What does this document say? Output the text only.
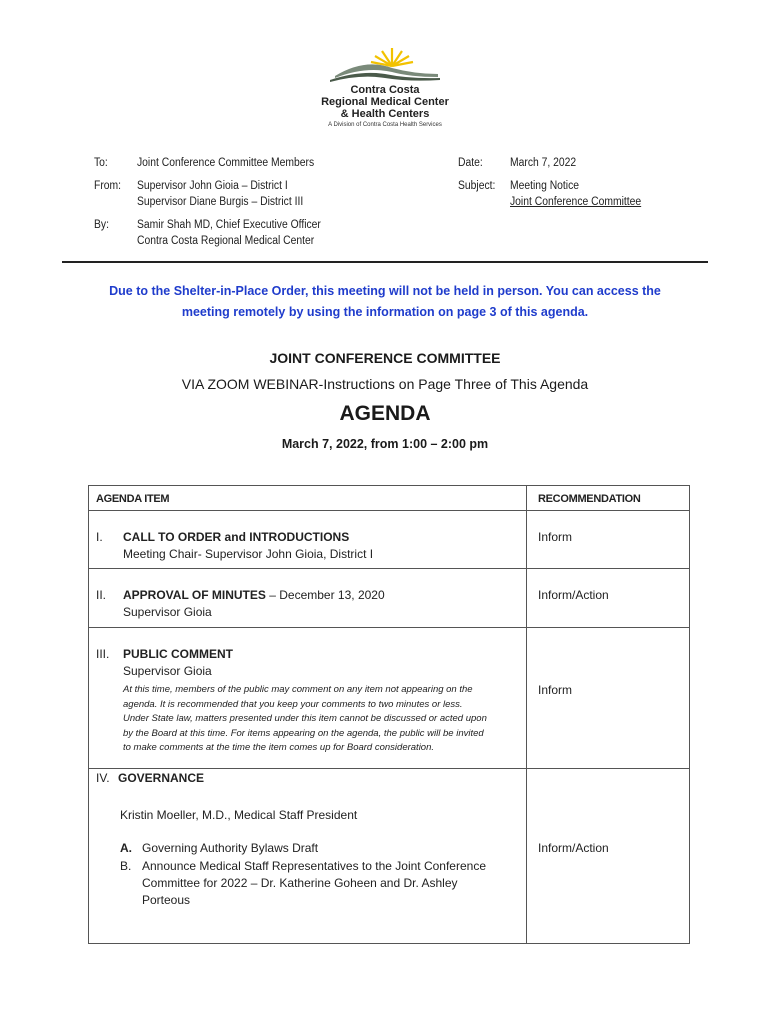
Contra Costa
Regional Medical Center
& Health Centers
A Division of Contra Costa Health Services
To:	Joint Conference Committee Members
From: Supervisor John Gioia – District I
Supervisor Diane Burgis – District III
By: Samir Shah MD, Chief Executive Officer
Contra Costa Regional Medical Center
Date: March 7, 2022
Subject: Meeting Notice
Joint Conference Committee
Due to the Shelter-in-Place Order, this meeting will not be held in person. You can access the
meeting remotely by using the information on page 3 of this agenda.
JOINT CONFERENCE COMMITTEE
VIA ZOOM WEBINAR-Instructions on Page Three of This Agenda
AGENDA
March 7, 2022, from 1:00 – 2:00 pm
AGENDA ITEM	RECOMMENDATION
I. CALL TO ORDER and INTRODUCTIONS
Meeting Chair- Supervisor John Gioia, District I
Inform
II. APPROVAL OF MINUTES – December 13, 2020
Supervisor Gioia
Inform/Action
III. PUBLIC COMMENT
Supervisor Gioia
At this time, members of the public may comment on any item not appearing on the
agenda. It is recommended that you keep your comments to two minutes or less.
Under State law, matters presented under this item cannot be discussed or acted upon
by the Board at this time. For items appearing on the agenda, the public will be invited
to make comments at the time the item comes up for Board consideration.
Inform
IV. GOVERNANCE
Kristin Moeller, M.D., Medical Staff President
A. Governing Authority Bylaws Draft
B. Announce Medical Staff Representatives to the Joint Conference
Committee for 2022 – Dr. Katherine Goheen and Dr. Ashley
Porteous
Inform/Action
